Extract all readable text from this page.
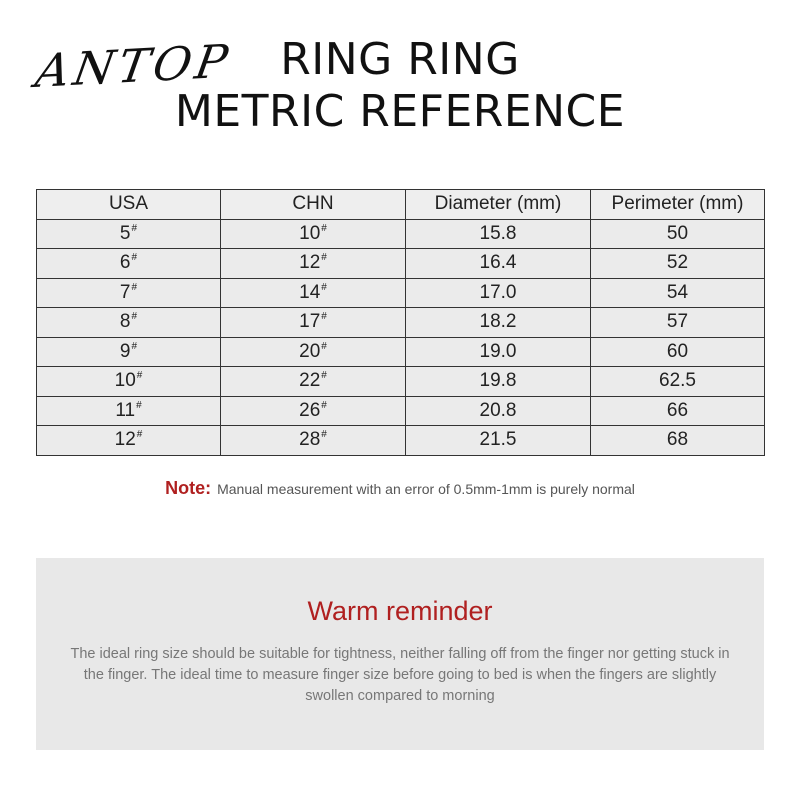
ANTOP	RING RING
METRIC REFERENCE
USA	CHN	Diameter (mm)	Perimeter (mm)
5#	10#	15.8	50
6#	12#	16.4	52
7#	14#	17.0	54
8#	17#	18.2	57
9#	20#	19.0	60
10#	22#	19.8	62.5
11#	26#	20.8	66
12#	28#	21.5	68
Note: Manual measurement with an error of 0.5mm-1mm is purely normal
Warm reminder
The ideal ring size should be suitable for tightness, neither falling off from the finger nor getting stuck in the finger. The ideal time to measure finger size before going to bed is when the fingers are slightly swollen compared to morning
